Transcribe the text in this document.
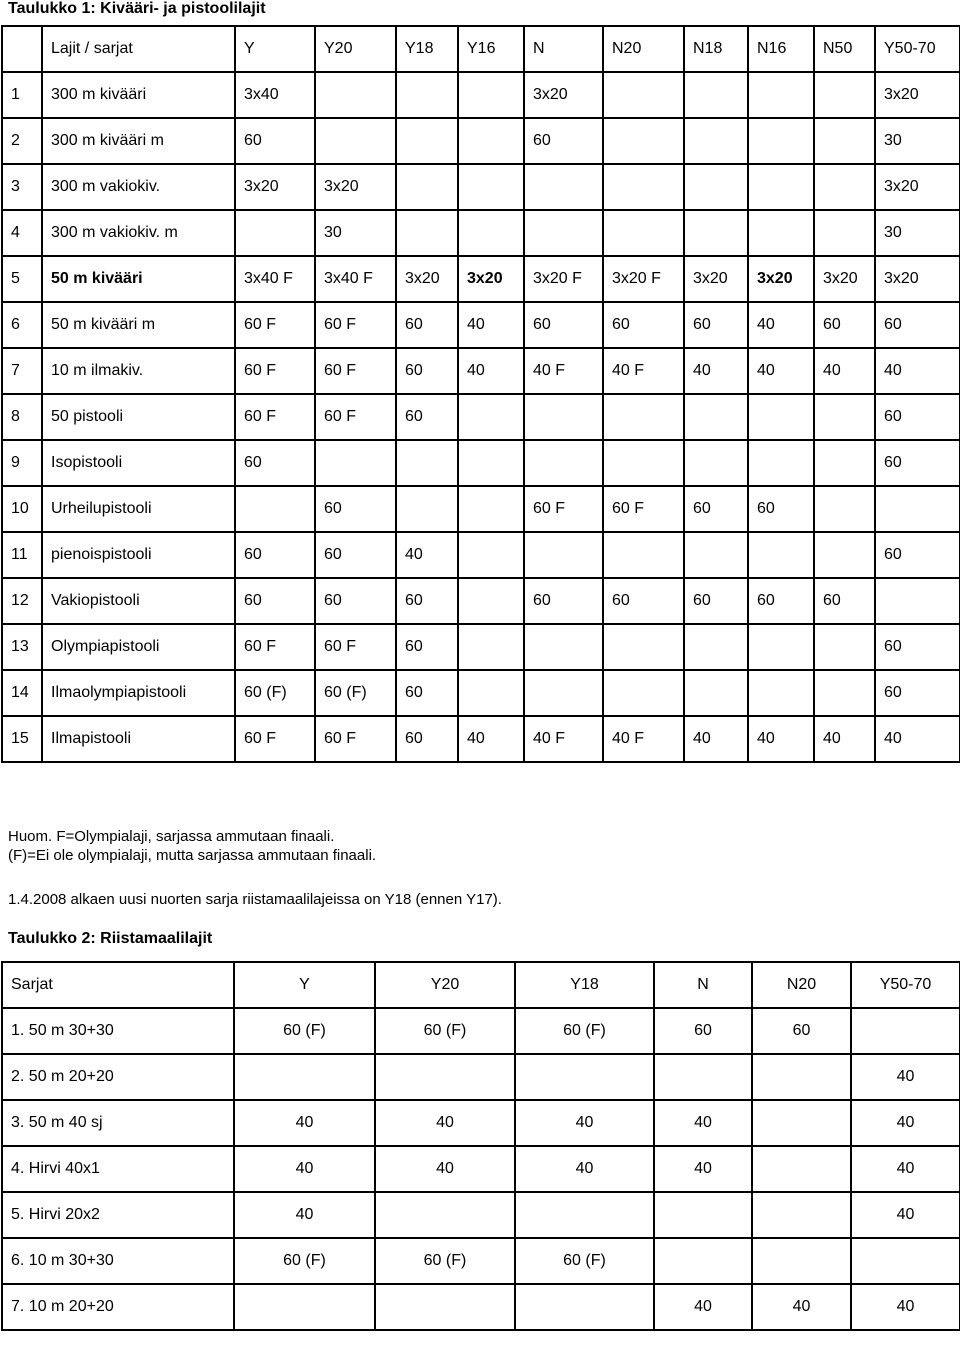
Taulukko 1: Kivääri- ja pistoolilajit
	Lajit / sarjat	Y	Y20	Y18	Y16	N	N20	N18	N16	N50	Y50-70
1	300 m kivääri	3x40				3x20					3x20
2	300 m kivääri m	60				60					30
3	300 m vakiokiv.	3x20	3x20								3x20
4	300 m vakiokiv. m		30								30
5	50 m kivääri	3x40 F	3x40 F	3x20	3x20	3x20 F	3x20 F	3x20	3x20	3x20	3x20
6	50 m kivääri m	60 F	60 F	60	40	60	60	60	40	60	60
7	10 m ilmakiv.	60 F	60 F	60	40	40 F	40 F	40	40	40	40
8	50 pistooli	60 F	60 F	60							60
9	Isopistooli	60									60
10	Urheilupistooli		60			60 F	60 F	60	60		
11	pienoispistooli	60	60	40							60
12	Vakiopistooli	60	60	60		60	60	60	60	60	
13	Olympiapistooli	60 F	60 F	60							60
14	Ilmaolympiapistooli	60 (F)	60 (F)	60							60
15	Ilmapistooli	60 F	60 F	60	40	40 F	40 F	40	40	40	40
Huom. F=Olympialaji, sarjassa ammutaan finaali.
(F)=Ei ole olympialaji, mutta sarjassa ammutaan finaali.
1.4.2008 alkaen uusi nuorten sarja riistamaalilajeissa on Y18 (ennen Y17).
Taulukko 2: Riistamaalilajit
Sarjat	Y	Y20	Y18	N	N20	Y50-70
1. 50 m 30+30	60 (F)	60 (F)	60 (F)	60	60	
2. 50 m 20+20						40
3. 50 m 40 sj	40	40	40	40		40
4. Hirvi 40x1	40	40	40	40		40
5. Hirvi 20x2	40					40
6. 10 m 30+30	60 (F)	60 (F)	60 (F)			
7. 10 m 20+20				40	40	40
